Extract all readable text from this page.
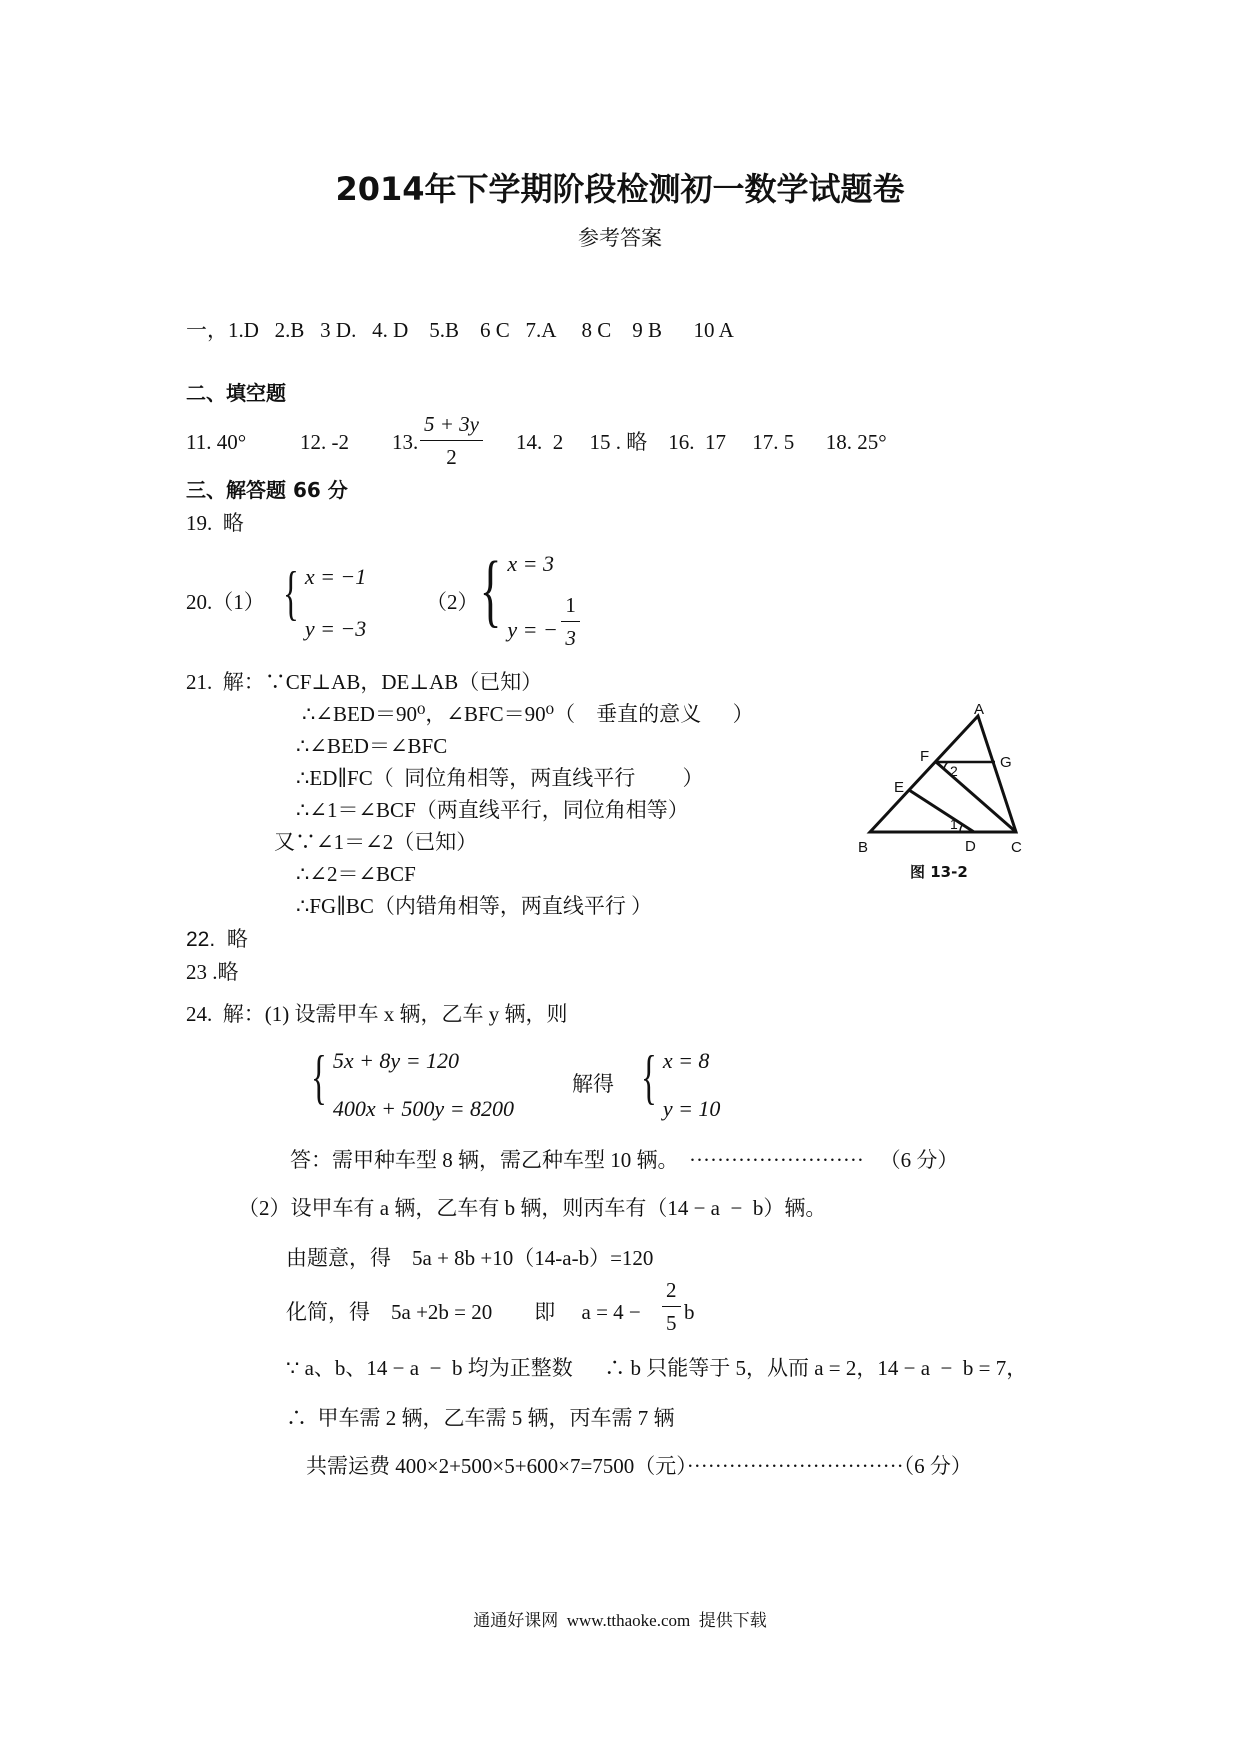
2014年下学期阶段检测初一数学试题卷
参考答案
一，1.D   2.B   3 D.   4. D    5.B    6 C   7.A     8 C    9 B      10 A
二、填空题
11. 40°	12. -2 13. $\frac{5 + 3y}{2} 14$.  2     15 . 略    16.  17     17. 5      18. 25°
三、解答题 66 分
19.  略
20.（1） { x = −1
y = −3
（2） { x = 3
y = − $\frac{1}{3}$
21.  解：∵CF⊥AB，DE⊥AB（已知）
∴∠BED＝90⁰，∠BFC＝90⁰（    垂直的意义      ）
∴∠BED＝∠BFC
∴ED∥FC（  同位角相等，两直线平行         ）
∴∠1＝∠BCF（两直线平行，同位角相等）
又∵∠1＝∠2（已知）
∴∠2＝∠BCF
∴FG∥BC（内错角相等，两直线平行 ）
A
B	C
D
E
F	G
1
2
图 13-2
22.  略
23 .略
24.  解：(1) 设需甲车 x 辆，乙车 y 辆，则
{ 5x + 8y = 120
400x + 500y = 8200
解得 { x = 8
y = 10
答：需甲种车型 8 辆，需乙种车型 10 辆。  ·························   （6 分）
（2）设甲车有 a 辆，乙车有 b 辆，则丙车有（14 − a  −  b）辆。
由题意，得    5a + 8b +10（14-a-b）=120
化简，得    5a +2b = 20        即     $a = 4 - \frac{2}{5}$ b
∵ a、b、14 − a  −  b 均为正整数      ∴ b 只能等于 5，从而 a = 2，14 − a  −  b = 7，
∴  甲车需 2 辆，乙车需 5 辆，丙车需 7 辆
共需运费 400×2+500×5+600×7=7500（元）·······························（6 分）
通通好课网  www.tthaoke.com  提供下载
